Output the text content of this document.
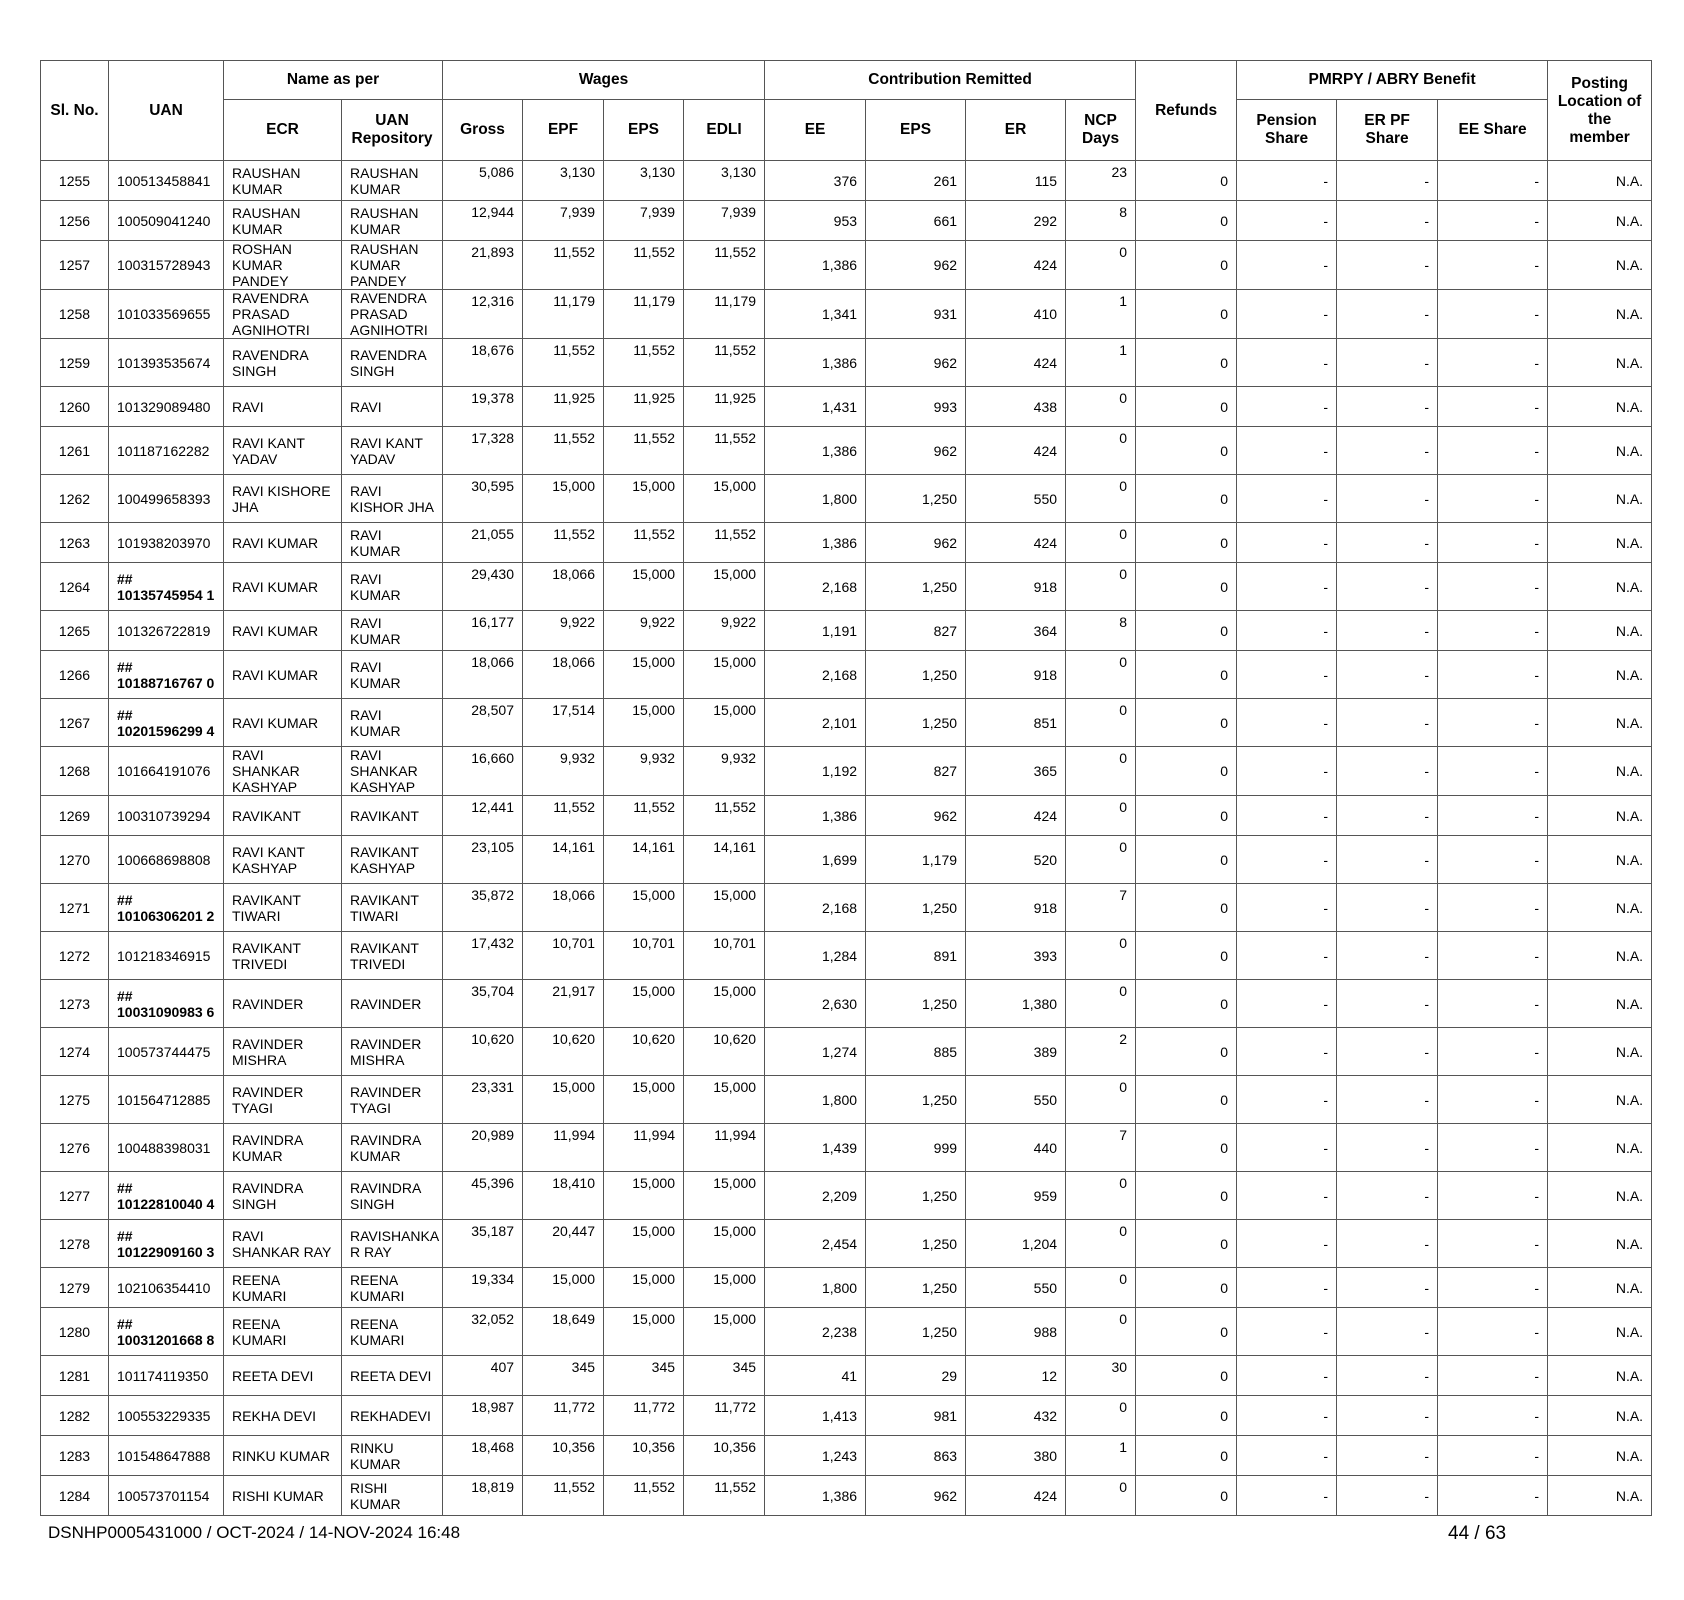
Sl. No.	UAN	Name as per		Wages				Contribution Remitted				Refunds	PMRPY / ABRY Benefit			Posting Location of the member
		ECR	UAN Repository	Gross	EPF	EPS	EDLI	EE	EPS	ER	NCP Days		Pension Share	ER PF Share	EE Share	
1255	100513458841	RAUSHAN KUMAR	RAUSHAN KUMAR	5,086	3,130	3,130	3,130	376	261	115	23	0	-	-	-	N.A.
1256	100509041240	RAUSHAN KUMAR	RAUSHAN KUMAR	12,944	7,939	7,939	7,939	953	661	292	8	0	-	-	-	N.A.
1257	100315728943	ROSHAN KUMAR PANDEY	RAUSHAN KUMAR PANDEY	21,893	11,552	11,552	11,552	1,386	962	424	0	0	-	-	-	N.A.
1258	101033569655	RAVENDRA PRASAD AGNIHOTRI	RAVENDRA PRASAD AGNIHOTRI	12,316	11,179	11,179	11,179	1,341	931	410	1	0	-	-	-	N.A.
1259	101393535674	RAVENDRA SINGH	RAVENDRA SINGH	18,676	11,552	11,552	11,552	1,386	962	424	1	0	-	-	-	N.A.
1260	101329089480	RAVI	RAVI	19,378	11,925	11,925	11,925	1,431	993	438	0	0	-	-	-	N.A.
1261	101187162282	RAVI KANT YADAV	RAVI KANT YADAV	17,328	11,552	11,552	11,552	1,386	962	424	0	0	-	-	-	N.A.
1262	100499658393	RAVI KISHORE JHA	RAVI KISHOR JHA	30,595	15,000	15,000	15,000	1,800	1,250	550	0	0	-	-	-	N.A.
1263	101938203970	RAVI KUMAR	RAVI KUMAR	21,055	11,552	11,552	11,552	1,386	962	424	0	0	-	-	-	N.A.
1264	## 10135745954 1	RAVI KUMAR	RAVI KUMAR	29,430	18,066	15,000	15,000	2,168	1,250	918	0	0	-	-	-	N.A.
1265	101326722819	RAVI KUMAR	RAVI KUMAR	16,177	9,922	9,922	9,922	1,191	827	364	8	0	-	-	-	N.A.
1266	## 10188716767 0	RAVI KUMAR	RAVI KUMAR	18,066	18,066	15,000	15,000	2,168	1,250	918	0	0	-	-	-	N.A.
1267	## 10201596299 4	RAVI KUMAR	RAVI KUMAR	28,507	17,514	15,000	15,000	2,101	1,250	851	0	0	-	-	-	N.A.
1268	101664191076	RAVI SHANKAR KASHYAP	RAVI SHANKAR KASHYAP	16,660	9,932	9,932	9,932	1,192	827	365	0	0	-	-	-	N.A.
1269	100310739294	RAVIKANT	RAVIKANT	12,441	11,552	11,552	11,552	1,386	962	424	0	0	-	-	-	N.A.
1270	100668698808	RAVI KANT KASHYAP	RAVIKANT KASHYAP	23,105	14,161	14,161	14,161	1,699	1,179	520	0	0	-	-	-	N.A.
1271	## 10106306201 2	RAVIKANT TIWARI	RAVIKANT TIWARI	35,872	18,066	15,000	15,000	2,168	1,250	918	7	0	-	-	-	N.A.
1272	101218346915	RAVIKANT TRIVEDI	RAVIKANT TRIVEDI	17,432	10,701	10,701	10,701	1,284	891	393	0	0	-	-	-	N.A.
1273	## 10031090983 6	RAVINDER	RAVINDER	35,704	21,917	15,000	15,000	2,630	1,250	1,380	0	0	-	-	-	N.A.
1274	100573744475	RAVINDER MISHRA	RAVINDER MISHRA	10,620	10,620	10,620	10,620	1,274	885	389	2	0	-	-	-	N.A.
1275	101564712885	RAVINDER TYAGI	RAVINDER TYAGI	23,331	15,000	15,000	15,000	1,800	1,250	550	0	0	-	-	-	N.A.
1276	100488398031	RAVINDRA KUMAR	RAVINDRA KUMAR	20,989	11,994	11,994	11,994	1,439	999	440	7	0	-	-	-	N.A.
1277	## 10122810040 4	RAVINDRA SINGH	RAVINDRA SINGH	45,396	18,410	15,000	15,000	2,209	1,250	959	0	0	-	-	-	N.A.
1278	## 10122909160 3	RAVI SHANKAR RAY	RAVISHANKA R RAY	35,187	20,447	15,000	15,000	2,454	1,250	1,204	0	0	-	-	-	N.A.
1279	102106354410	REENA KUMARI	REENA KUMARI	19,334	15,000	15,000	15,000	1,800	1,250	550	0	0	-	-	-	N.A.
1280	## 10031201668 8	REENA KUMARI	REENA KUMARI	32,052	18,649	15,000	15,000	2,238	1,250	988	0	0	-	-	-	N.A.
1281	101174119350	REETA DEVI	REETA DEVI	407	345	345	345	41	29	12	30	0	-	-	-	N.A.
1282	100553229335	REKHA DEVI	REKHADEVI	18,987	11,772	11,772	11,772	1,413	981	432	0	0	-	-	-	N.A.
1283	101548647888	RINKU KUMAR	RINKU KUMAR	18,468	10,356	10,356	10,356	1,243	863	380	1	0	-	-	-	N.A.
1284	100573701154	RISHI KUMAR	RISHI KUMAR	18,819	11,552	11,552	11,552	1,386	962	424	0	0	-	-	-	N.A.
DSNHP0005431000 / OCT-2024 / 14-NOV-2024 16:48	44 / 63
